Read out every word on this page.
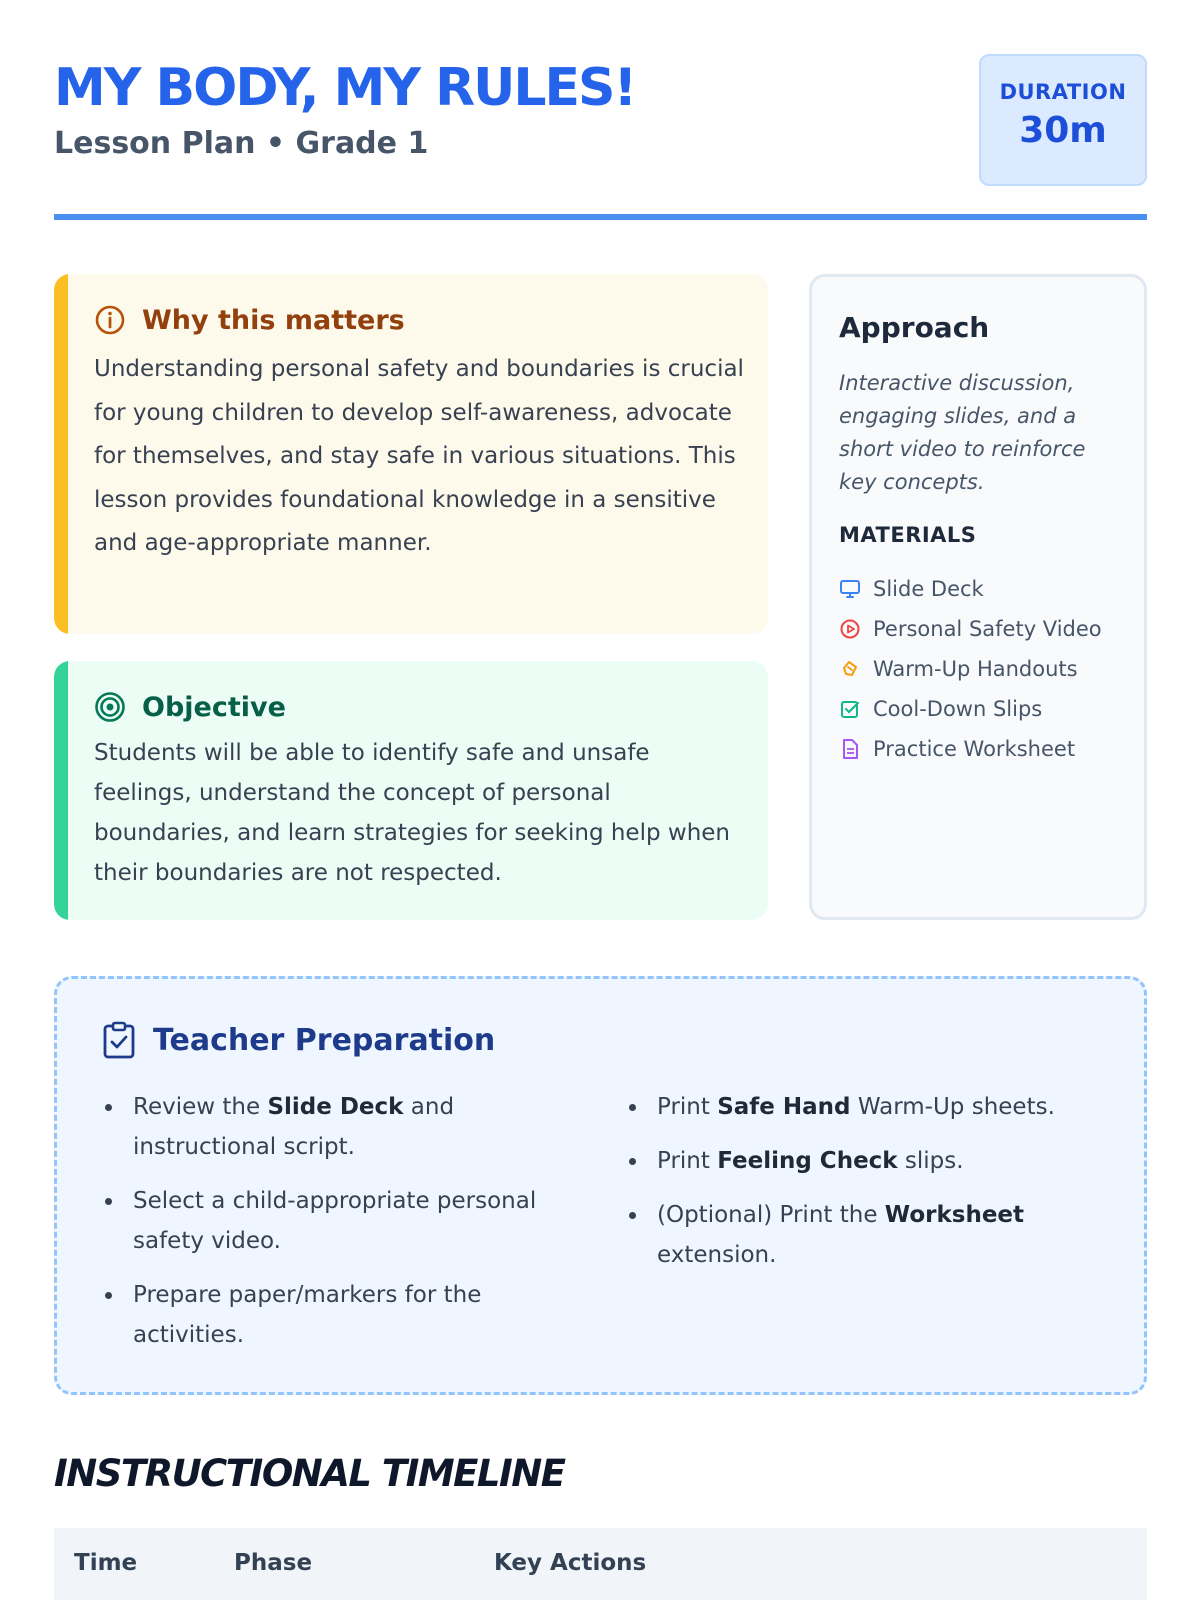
MY BODY, MY RULES!
Lesson Plan • Grade 1
DURATION
30m
Why this matters
Understanding personal safety and boundaries is crucial for young children to develop self-awareness, advocate for themselves, and stay safe in various situations. This lesson provides foundational knowledge in a sensitive and age-appropriate manner.
Objective
Students will be able to identify safe and unsafe feelings, understand the concept of personal boundaries, and learn strategies for seeking help when their boundaries are not respected.
Approach
Interactive discussion, engaging slides, and a short video to reinforce key concepts.
MATERIALS
Slide Deck
Personal Safety Video
Warm-Up Handouts
Cool-Down Slips
Practice Worksheet
Teacher Preparation
Review the Slide Deck and instructional script.
Select a child-appropriate personal safety video.
Prepare paper/markers for the activities.
Print Safe Hand Warm-Up sheets.
Print Feeling Check slips.
(Optional) Print the Worksheet extension.
INSTRUCTIONAL TIMELINE
Time	Phase	Key Actions
